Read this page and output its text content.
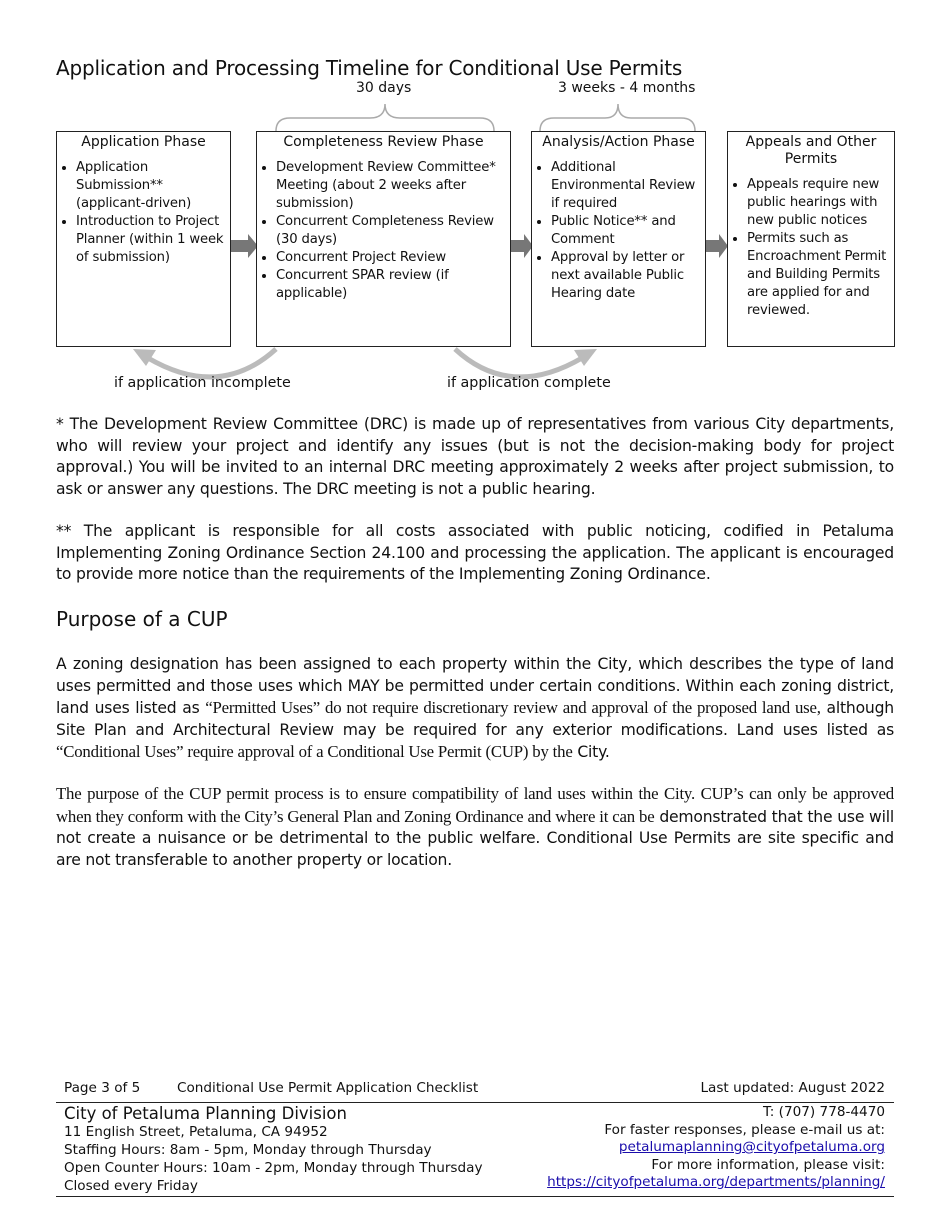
Application and Processing Timeline for Conditional Use Permits
30 days	3 weeks - 4 months
Application Phase
• Application Submission** (applicant-driven)
• Introduction to Project Planner (within 1 week of submission)
Completeness Review Phase
• Development Review Committee* Meeting (about 2 weeks after submission)
• Concurrent Completeness Review (30 days)
• Concurrent Project Review
• Concurrent SPAR review (if applicable)
Analysis/Action Phase
• Additional Environmental Review if required
• Public Notice** and Comment
• Approval by letter or next available Public Hearing date
Appeals and Other Permits
• Appeals require new public hearings with new public notices
• Permits such as Encroachment Permit and Building Permits are applied for and reviewed.
if application incomplete	if application complete

* The Development Review Committee (DRC) is made up of representatives from various City departments, who will review your project and identify any issues (but is not the decision-making body for project approval.) You will be invited to an internal DRC meeting approximately 2 weeks after project submission, to ask or answer any questions. The DRC meeting is not a public hearing.

** The applicant is responsible for all costs associated with public noticing, codified in Petaluma Implementing Zoning Ordinance Section 24.100 and processing the application. The applicant is encouraged to provide more notice than the requirements of the Implementing Zoning Ordinance.

Purpose of a CUP

A zoning designation has been assigned to each property within the City, which describes the type of land uses permitted and those uses which MAY be permitted under certain conditions. Within each zoning district, land uses listed as “Permitted Uses” do not require discretionary review and approval of the proposed land use, although Site Plan and Architectural Review may be required for any exterior modifications. Land uses listed as “Conditional Uses” require approval of a Conditional Use Permit (CUP) by the City.

The purpose of the CUP permit process is to ensure compatibility of land uses within the City. CUP’s can only be approved when they conform with the City’s General Plan and Zoning Ordinance and where it can be demonstrated that the use will not create a nuisance or be detrimental to the public welfare. Conditional Use Permits are site specific and are not transferable to another property or location.

Page 3 of 5	Conditional Use Permit Application Checklist	Last updated: August 2022
City of Petaluma Planning Division
11 English Street, Petaluma, CA 94952
Staffing Hours: 8am - 5pm, Monday through Thursday
Open Counter Hours: 10am - 2pm, Monday through Thursday
Closed every Friday
T: (707) 778-4470
For faster responses, please e-mail us at:
petalumaplanning@cityofpetaluma.org
For more information, please visit:
https://cityofpetaluma.org/departments/planning/
